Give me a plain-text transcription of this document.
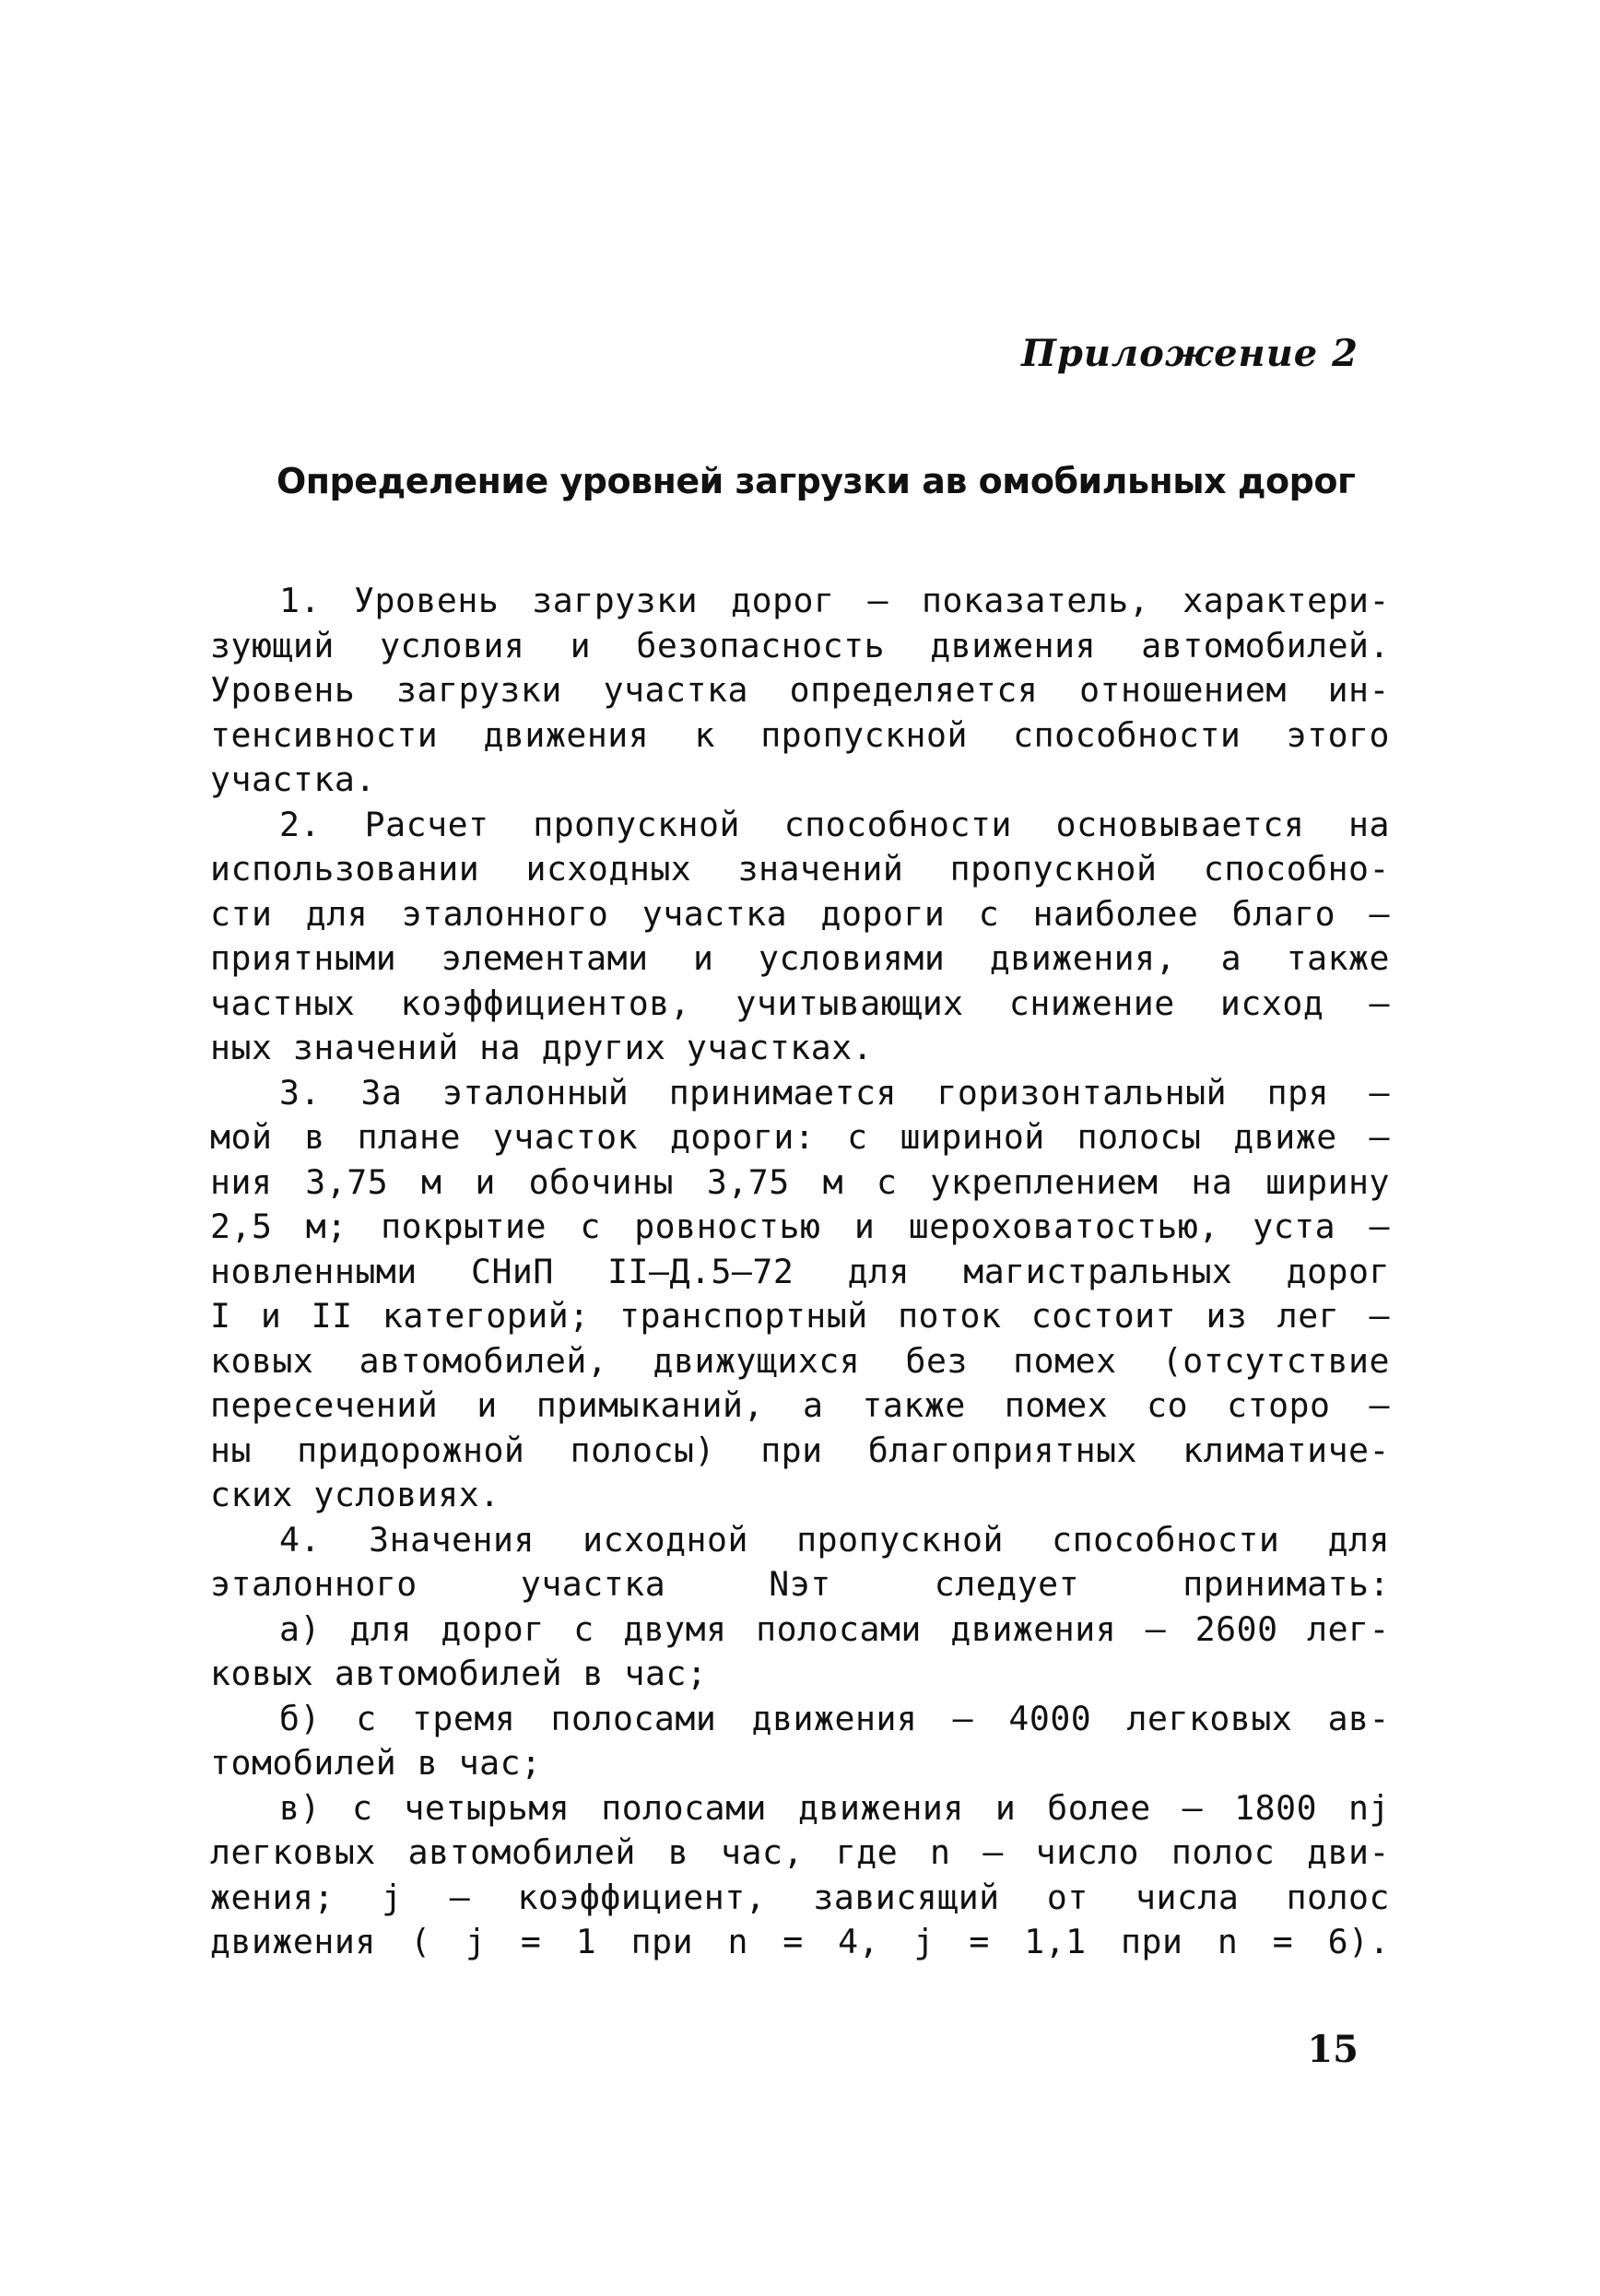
Приложение 2
Определение уровней загрузки ав омобильных дорог
1. Уровень загрузки дорог – показатель, характери-
зующий условия и безопасность движения автомобилей.
Уровень загрузки участка определяется отношением ин-
тенсивности движения к пропускной способности этого
участка.
2. Расчет пропускной способности основывается на
использовании исходных значений пропускной способно-
сти для эталонного участка дороги с наиболее благо –
приятными элементами и условиями движения, а также
частных коэффициентов, учитывающих снижение исход –
ных значений на других участках.
3. За эталонный принимается горизонтальный пря –
мой в плане участок дороги: с шириной полосы движе –
ния 3,75 м и обочины 3,75 м с укреплением на ширину
2,5 м; покрытие с ровностью и шероховатостью, уста –
новленными СНиП II–Д.5–72 для магистральных дорог
I и II категорий; транспортный поток состоит из лег –
ковых автомобилей, движущихся без помех (отсутствие
пересечений и примыканий, а также помех со сторо –
ны придорожной полосы) при благоприятных климатиче-
ских условиях.
4. Значения исходной пропускной способности для
эталонного участка Nэт следует принимать:
а) для дорог с двумя полосами движения – 2600 лег-
ковых автомобилей в час;
б) с тремя полосами движения – 4000 легковых ав-
томобилей в час;
в) с четырьмя полосами движения и более – 1800 nj
легковых автомобилей в час, где n – число полос дви-
жения; j – коэффициент, зависящий от числа полос
движения ( j = 1 при n = 4, j = 1,1 при n = 6).
15
